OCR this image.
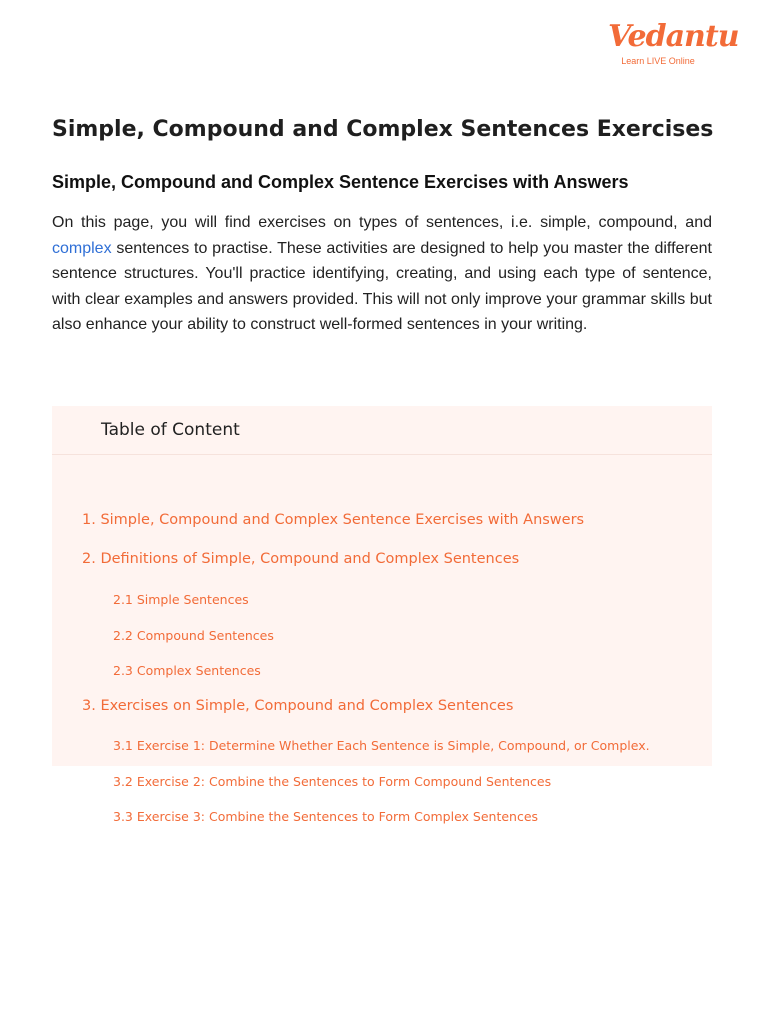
Vedantu
Learn LIVE Online
Simple, Compound and Complex Sentences Exercises
Simple, Compound and Complex Sentence Exercises with Answers

On this page, you will find exercises on types of sentences, i.e. simple, compound, and complex sentences to practise. These activities are designed to help you master the different sentence structures. You'll practice identifying, creating, and using each type of sentence, with clear examples and answers provided. This will not only improve your grammar skills but also enhance your ability to construct well-formed sentences in your writing.

Table of Content
1. Simple, Compound and Complex Sentence Exercises with Answers
2. Definitions of Simple, Compound and Complex Sentences
2.1 Simple Sentences
2.2 Compound Sentences
2.3 Complex Sentences
3. Exercises on Simple, Compound and Complex Sentences
3.1 Exercise 1: Determine Whether Each Sentence is Simple, Compound, or Complex.
3.2 Exercise 2: Combine the Sentences to Form Compound Sentences
3.3 Exercise 3: Combine the Sentences to Form Complex Sentences
